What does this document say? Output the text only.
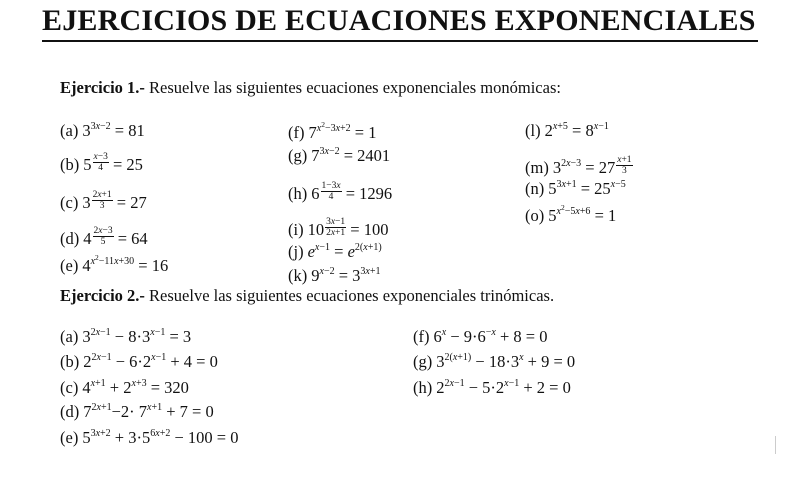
EJERCICIOS DE ECUACIONES EXPONENCIALES
Ejercicio 1.- Resuelve las siguientes ecuaciones exponenciales monómicas:
(a) $3^{3x-2} = 81$
(b) $5 \frac{x-3}{4} = 25$
(c) $3 \frac{2x+1}{3} = 27$
(d) $4 \frac{2x-3}{5} = 64$
(e) $4^{x^2-11x+30} = 16$
(f) $7^{x^2-3x+2} = 1$
(g) $7^{3x-2} = 2401$
(h) $6 \frac{1-3x}{4} = 1296$
(i) $10 \frac{3x-1}{2x+1} = 100$
(j) $e^{x-1} = e^{2(x+1)}$
(k) $9^{x-2} = 3^{3x+1}$
(l) $2^{x+5} = 8^{x-1}$
(m) $3^{2x-3} = 27 \frac{x+1}{3}$
(n) $5^{3x+1} = 25^{x-5}$
(o) $5^{x^2-5x+6} = 1$
Ejercicio 2.- Resuelve las siguientes ecuaciones exponenciales trinómicas.
(a) $3^{2x-1} - 8\cdot 3^{x-1} = 3$
(b) $2^{2x-1} - 6\cdot 2^{x-1} + 4 = 0$
(c) $4^{x+1} + 2^{x+3} = 320$
(d) $7^{2x+1}-2\cdot 7^{x+1} + 7 = 0$
(e) $5^{3x+2} + 3\cdot 5^{6x+2} - 100 = 0$
(f) $6^x - 9\cdot 6^{-x} + 8 = 0$
(g) $3^{2(x+1)} - 18\cdot 3^x + 9 = 0$
(h) $2^{2x-1} - 5\cdot 2^{x-1} + 2 = 0$
